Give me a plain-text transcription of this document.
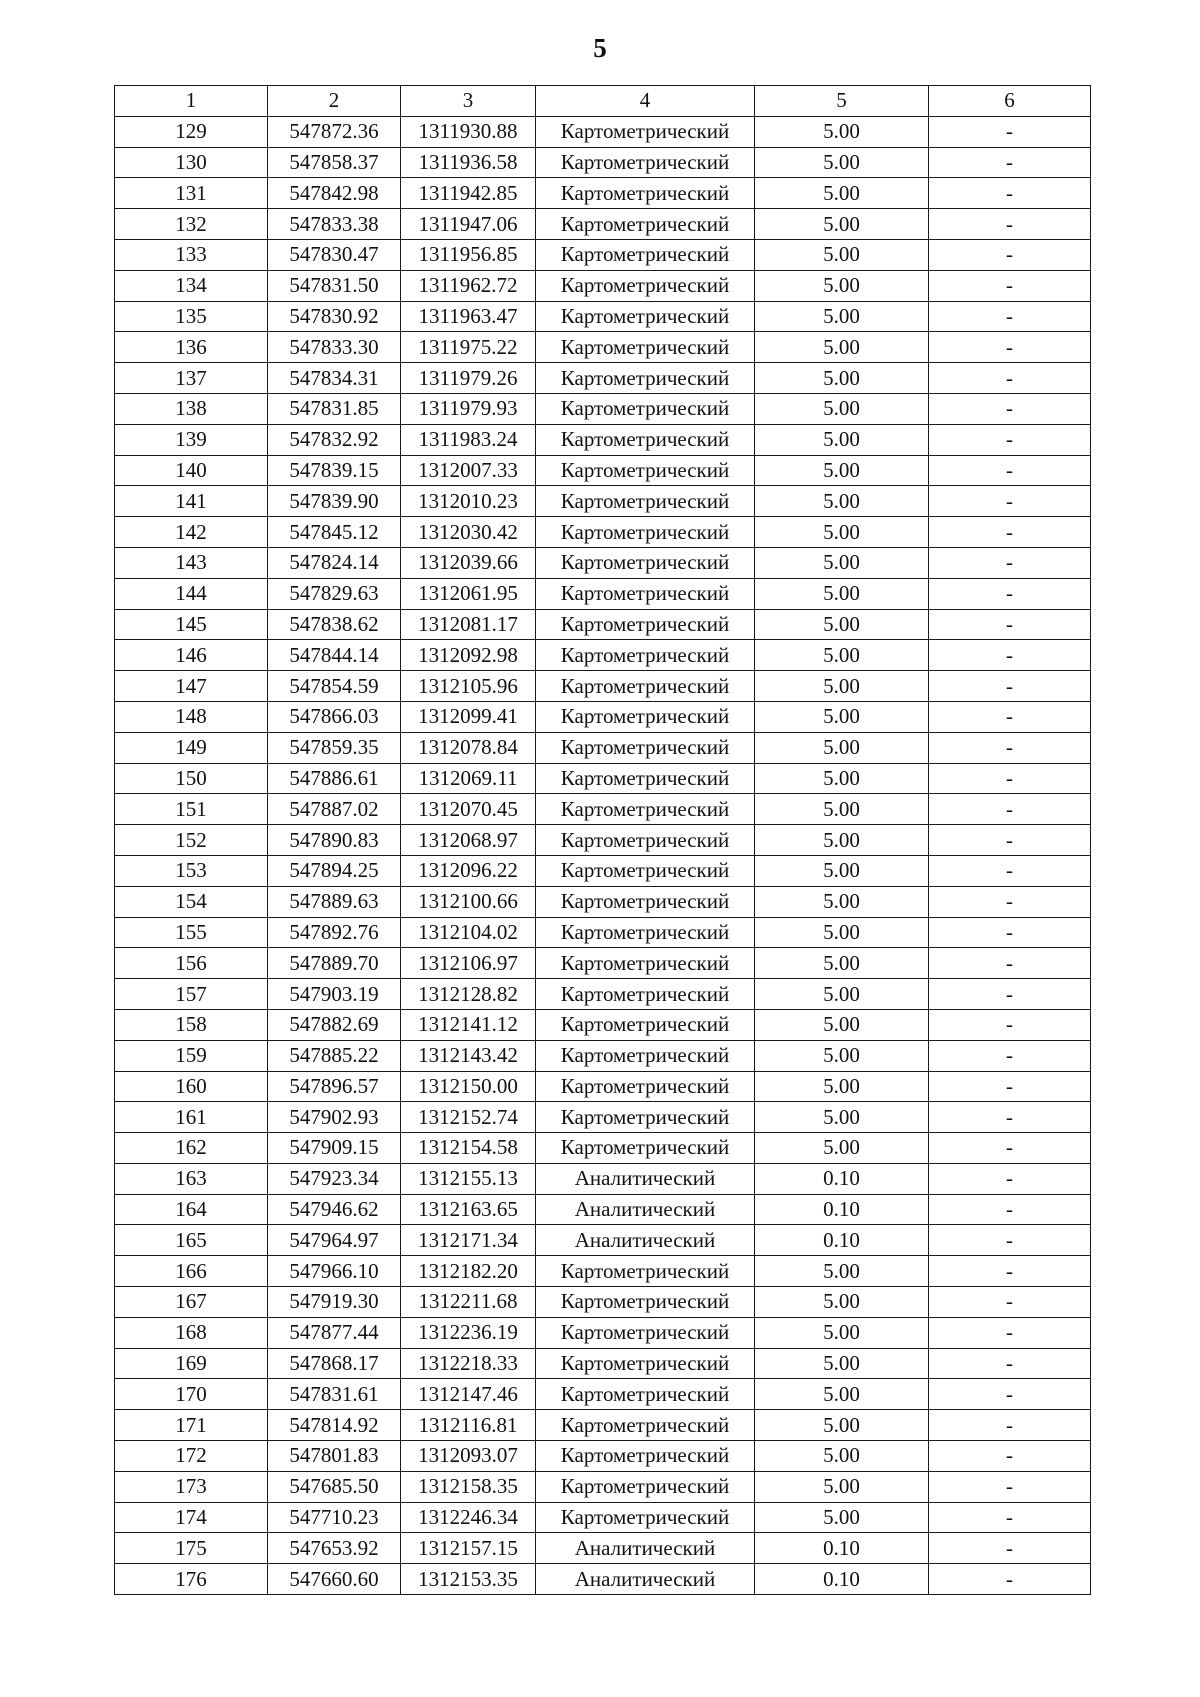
5
1	2	3	4	5	6
129	547872.36	1311930.88	Картометрический	5.00	-
130	547858.37	1311936.58	Картометрический	5.00	-
131	547842.98	1311942.85	Картометрический	5.00	-
132	547833.38	1311947.06	Картометрический	5.00	-
133	547830.47	1311956.85	Картометрический	5.00	-
134	547831.50	1311962.72	Картометрический	5.00	-
135	547830.92	1311963.47	Картометрический	5.00	-
136	547833.30	1311975.22	Картометрический	5.00	-
137	547834.31	1311979.26	Картометрический	5.00	-
138	547831.85	1311979.93	Картометрический	5.00	-
139	547832.92	1311983.24	Картометрический	5.00	-
140	547839.15	1312007.33	Картометрический	5.00	-
141	547839.90	1312010.23	Картометрический	5.00	-
142	547845.12	1312030.42	Картометрический	5.00	-
143	547824.14	1312039.66	Картометрический	5.00	-
144	547829.63	1312061.95	Картометрический	5.00	-
145	547838.62	1312081.17	Картометрический	5.00	-
146	547844.14	1312092.98	Картометрический	5.00	-
147	547854.59	1312105.96	Картометрический	5.00	-
148	547866.03	1312099.41	Картометрический	5.00	-
149	547859.35	1312078.84	Картометрический	5.00	-
150	547886.61	1312069.11	Картометрический	5.00	-
151	547887.02	1312070.45	Картометрический	5.00	-
152	547890.83	1312068.97	Картометрический	5.00	-
153	547894.25	1312096.22	Картометрический	5.00	-
154	547889.63	1312100.66	Картометрический	5.00	-
155	547892.76	1312104.02	Картометрический	5.00	-
156	547889.70	1312106.97	Картометрический	5.00	-
157	547903.19	1312128.82	Картометрический	5.00	-
158	547882.69	1312141.12	Картометрический	5.00	-
159	547885.22	1312143.42	Картометрический	5.00	-
160	547896.57	1312150.00	Картометрический	5.00	-
161	547902.93	1312152.74	Картометрический	5.00	-
162	547909.15	1312154.58	Картометрический	5.00	-
163	547923.34	1312155.13	Аналитический	0.10	-
164	547946.62	1312163.65	Аналитический	0.10	-
165	547964.97	1312171.34	Аналитический	0.10	-
166	547966.10	1312182.20	Картометрический	5.00	-
167	547919.30	1312211.68	Картометрический	5.00	-
168	547877.44	1312236.19	Картометрический	5.00	-
169	547868.17	1312218.33	Картометрический	5.00	-
170	547831.61	1312147.46	Картометрический	5.00	-
171	547814.92	1312116.81	Картометрический	5.00	-
172	547801.83	1312093.07	Картометрический	5.00	-
173	547685.50	1312158.35	Картометрический	5.00	-
174	547710.23	1312246.34	Картометрический	5.00	-
175	547653.92	1312157.15	Аналитический	0.10	-
176	547660.60	1312153.35	Аналитический	0.10	-
